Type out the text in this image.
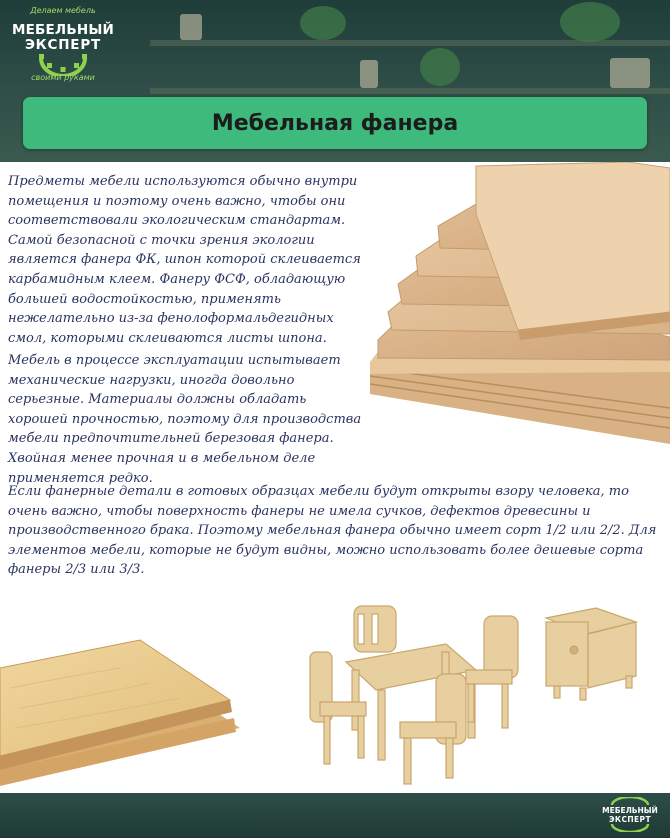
Делаем мебель
МЕБЕЛЬНЫЙ
ЭКСПЕРТ
своими руками
Мебельная фанера

Предметы мебели используются обычно внутри помещения и поэтому очень важно, чтобы они соответствовали экологическим стандартам. Самой безопасной с точки зрения экологии является фанера ФК, шпон которой склеивается карбамидным клеем. Фанеру ФСФ, обладающую большей водостойкостью, применять нежелательно из-за фенолоформальдегидных смол, которыми склеиваются листы шпона.

Мебель в процессе эксплуатации испытывает механические нагрузки, иногда довольно серьезные. Материалы должны обладать хорошей прочностью, поэтому для производства мебели предпочтительней березовая фанера. Хвойная менее прочная и в мебельном деле применяется редко.

Если фанерные детали в готовых образцах мебели будут открыты взору человека, то очень важно, чтобы поверхность фанеры не имела сучков, дефектов древесины и производственного брака. Поэтому мебельная фанера обычно имеет сорт 1/2 или 2/2. Для элементов мебели, которые не будут видны, можно использовать более дешевые сорта фанеры 2/3 или 3/3.

МЕБЕЛЬНЫЙ
ЭКСПЕРТ
